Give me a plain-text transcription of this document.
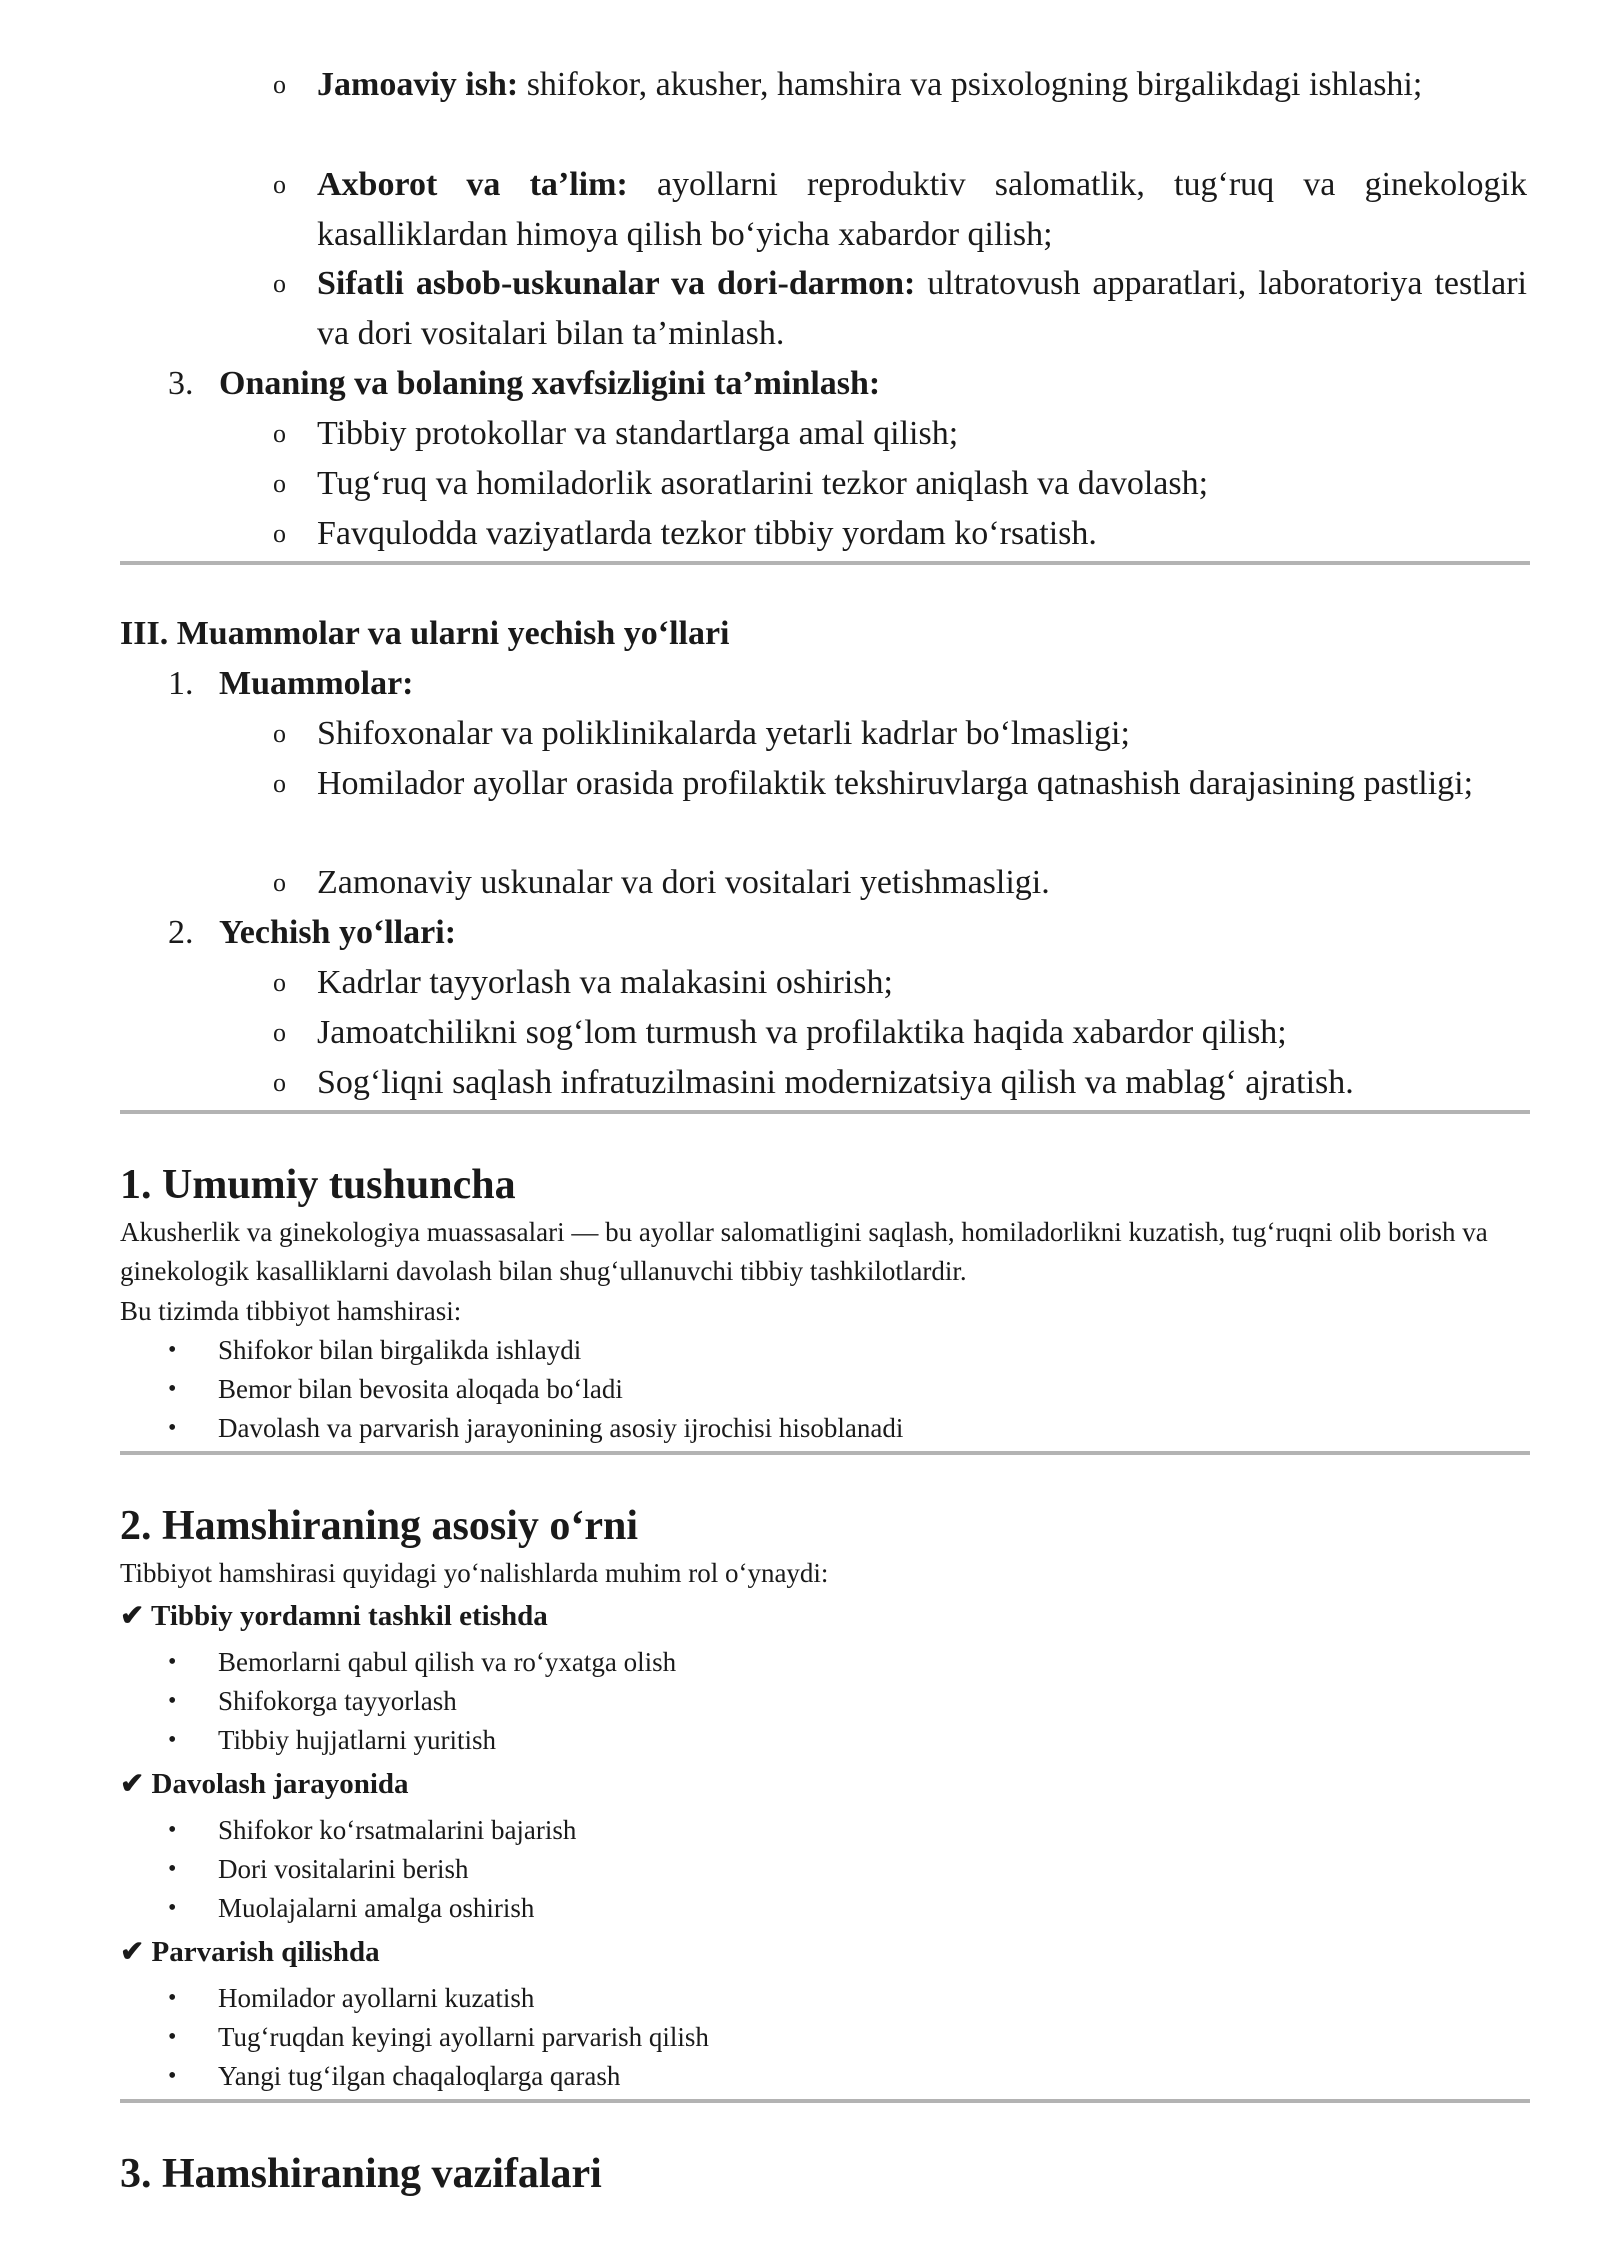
o Jamoaviy ish: shifokor, akusher, hamshira va psixologning birgalikdagi ishlashi;
o Axborot va ta’lim: ayollarni reproduktiv salomatlik, tug‘ruq va ginekologik kasalliklardan himoya qilish bo‘yicha xabardor qilish;
o Sifatli asbob-uskunalar va dori-darmon: ultratovush apparatlari, laboratoriya testlari va dori vositalari bilan ta’minlash.
3. Onaning va bolaning xavfsizligini ta’minlash:
o Tibbiy protokollar va standartlarga amal qilish;
o Tug‘ruq va homiladorlik asoratlarini tezkor aniqlash va davolash;
o Favqulodda vaziyatlarda tezkor tibbiy yordam ko‘rsatish.
III. Muammolar va ularni yechish yo‘llari
1. Muammolar:
o Shifoxonalar va poliklinikalarda yetarli kadrlar bo‘lmasligi;
o Homilador ayollar orasida profilaktik tekshiruvlarga qatnashish darajasining pastligi;
o Zamonaviy uskunalar va dori vositalari yetishmasligi.
2. Yechish yo‘llari:
o Kadrlar tayyorlash va malakasini oshirish;
o Jamoatchilikni sog‘lom turmush va profilaktika haqida xabardor qilish;
o Sog‘liqni saqlash infratuzilmasini modernizatsiya qilish va mablag‘ ajratish.
1. Umumiy tushuncha
Akusherlik va ginekologiya muassasalari — bu ayollar salomatligini saqlash, homiladorlikni kuzatish, tug‘ruqni olib borish va ginekologik kasalliklarni davolash bilan shug‘ullanuvchi tibbiy tashkilotlardir.
Bu tizimda tibbiyot hamshirasi:
• Shifokor bilan birgalikda ishlaydi
• Bemor bilan bevosita aloqada bo‘ladi
• Davolash va parvarish jarayonining asosiy ijrochisi hisoblanadi
2. Hamshiraning asosiy o‘rni
Tibbiyot hamshirasi quyidagi yo‘nalishlarda muhim rol o‘ynaydi:
✔ Tibbiy yordamni tashkil etishda
• Bemorlarni qabul qilish va ro‘yxatga olish
• Shifokorga tayyorlash
• Tibbiy hujjatlarni yuritish
✔ Davolash jarayonida
• Shifokor ko‘rsatmalarini bajarish
• Dori vositalarini berish
• Muolajalarni amalga oshirish
✔ Parvarish qilishda
• Homilador ayollarni kuzatish
• Tug‘ruqdan keyingi ayollarni parvarish qilish
• Yangi tug‘ilgan chaqaloqlarga qarash
3. Hamshiraning vazifalari
